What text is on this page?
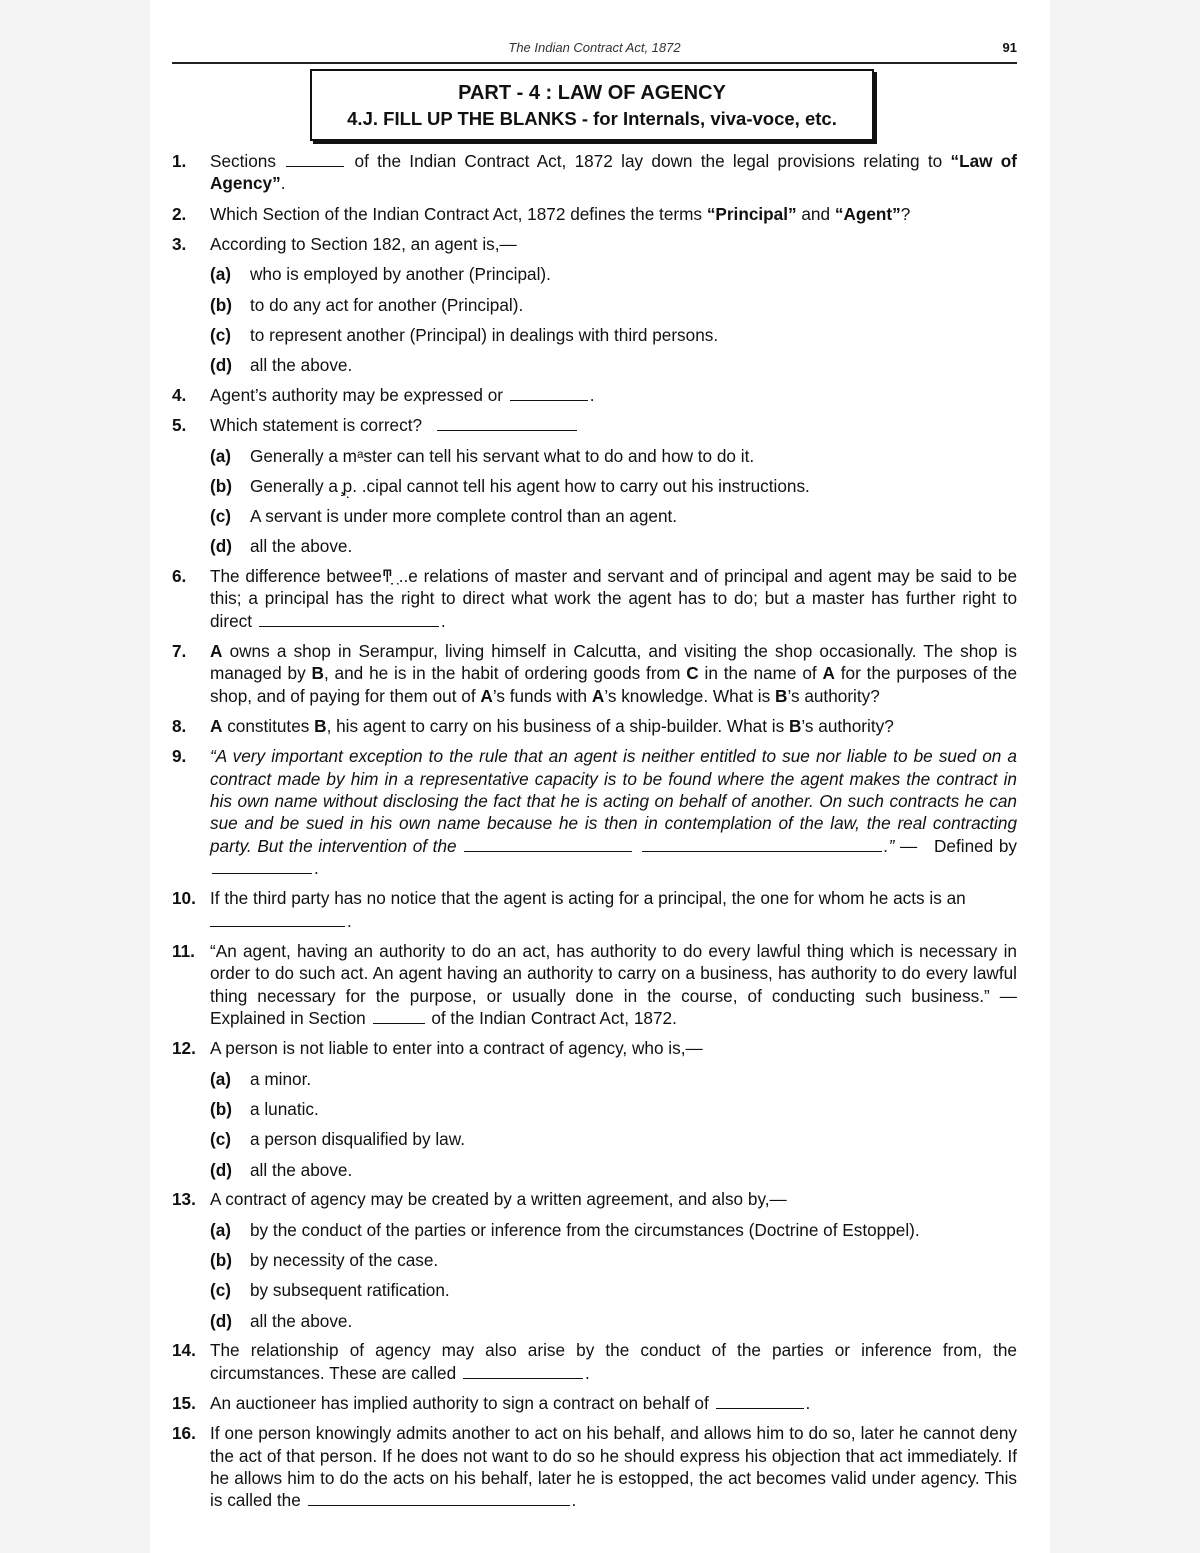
The Indian Contract Act, 1872	91
PART - 4 : LAW OF AGENCY
4.J. FILL UP THE BLANKS - for Internals, viva-voce, etc.
1. Sections	of the Indian Contract Act, 1872 lay down the legal provisions relating to “Law of Agency”.
2. Which Section of the Indian Contract Act, 1872 defines the terms “Principal” and “Agent”?
3. According to Section 182, an agent is,—
(a) who is employed by another (Principal).
(b) to do any act for another (Principal).
(c) to represent another (Principal) in dealings with third persons.
(d) all the above.
4. Agent’s authority may be expressed or	.
5. Which statement is correct?
(a) Generally a mᵃster can tell his servant what to do and how to do it.
(b) Generally a ̧̧p̣. .cipal cannot tell his agent how to carry out his instructions.
(c) A servant is under more complete control than an agent.
(d) all the above.
6. The difference betweeͳ ̣̣.̣.e relations of master and servant and of principal and agent may be said to be this; a principal has the right to direct what work the agent has to do; but a master has further right to direct	.
7. A owns a shop in Serampur, living himself in Calcutta, and visiting the shop occasionally. The shop is managed by B, and he is in the habit of ordering goods from C in the name of A for the purposes of the shop, and of paying for them out of A’s funds with A’s knowledge. What is B’s authority?
8. A constitutes B, his agent to carry on his business of a ship-builder. What is B’s authority?
9. “A very important exception to the rule that an agent is neither entitled to sue nor liable to be sued on a contract made by him in a representative capacity is to be found where the agent makes the contract in his own name without disclosing the fact that he is acting on behalf of another. On such contracts he can sue and be sued in his own name because he is then in contemplation of the law, the real contracting party. But the intervention of the	.” — Defined by .
10. If the third party has no notice that the agent is acting for a principal, the one for whom he acts is an
.
11. “An agent, having an authority to do an act, has authority to do every lawful thing which is necessary in order to do such act. An agent having an authority to carry on a business, has authority to do every lawful thing necessary for the purpose, or usually done in the course, of conducting such business.” — Explained in Section	of the Indian Contract Act, 1872.
12. A person is not liable to enter into a contract of agency, who is,—
(a) a minor.
(b) a lunatic.
(c) a person disqualified by law.
(d) all the above.
13. A contract of agency may be created by a written agreement, and also by,—
(a) by the conduct of the parties or inference from the circumstances (Doctrine of Estoppel).
(b) by necessity of the case.
(c) by subsequent ratification.
(d) all the above.
14. The relationship of agency may also arise by the conduct of the parties or inference from, the circumstances. These are called	.
15. An auctioneer has implied authority to sign a contract on behalf of	.
16. If one person knowingly admits another to act on his behalf, and allows him to do so, later he cannot deny the act of that person. If he does not want to do so he should express his objection that act immediately. If he allows him to do the acts on his behalf, later he is estopped, the act becomes valid under agency. This is called the	.
